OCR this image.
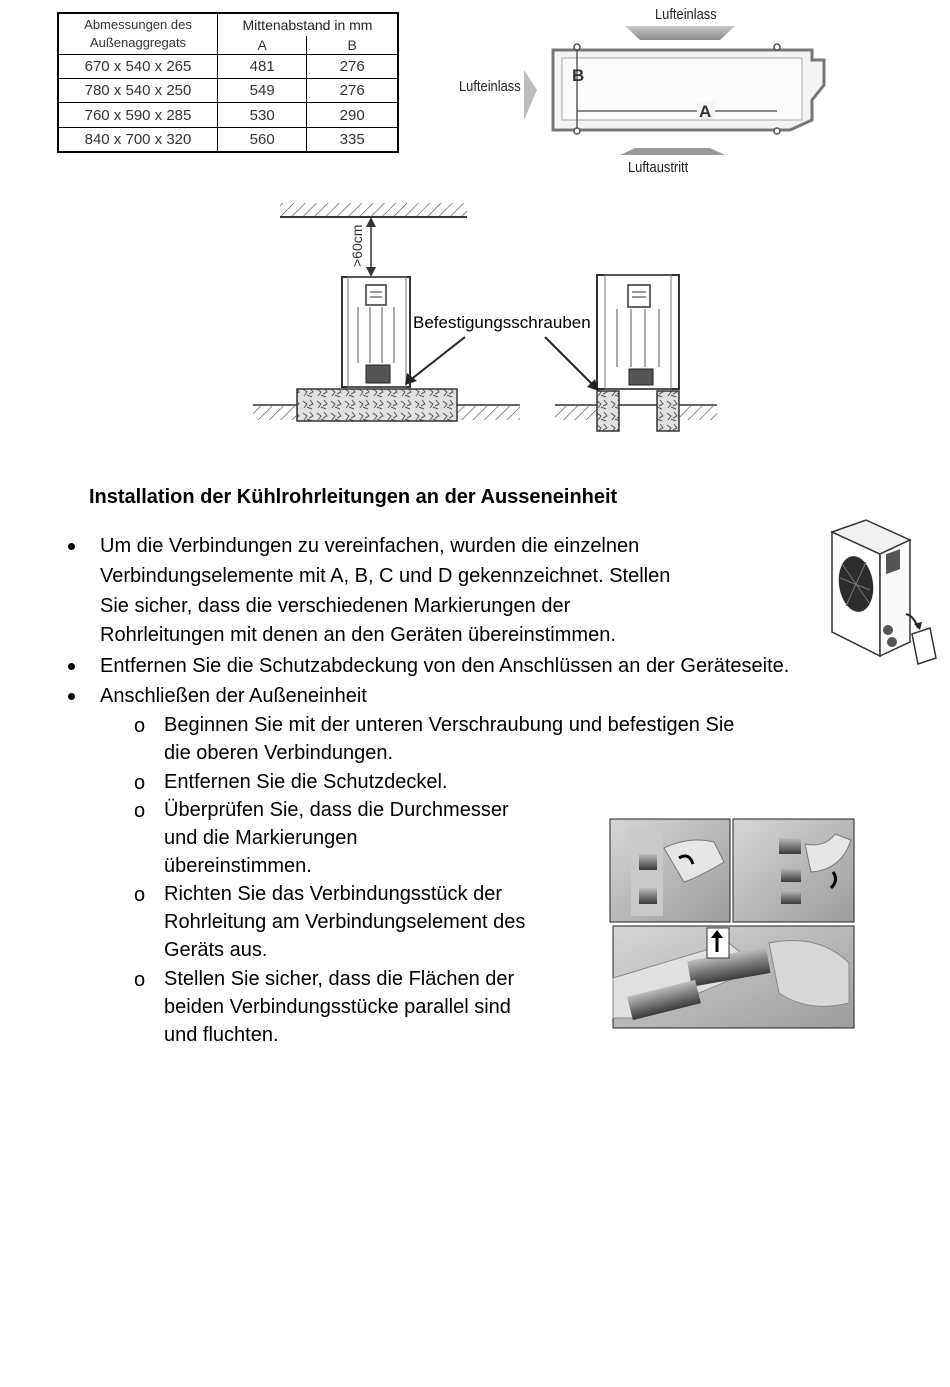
Abmessungen des Außenaggregats	Mittenabstand in mm	
	A	B
670 x 540 x 265	481	276
780 x 540 x 250	549	276
760 x 590 x 285	530	290
840 x 700 x 320	560	335
B
A
Lufteinlass
Lufteinlass
Luftaustritt
>60cm
Befestigungsschrauben
Installation der Kühlrohrleitungen an der Ausseneinheit
Um die Verbindungen zu vereinfachen, wurden die einzelnen
Verbindungselemente mit A, B, C und D gekennzeichnet. Stellen
Sie sicher, dass die verschiedenen Markierungen der
Rohrleitungen mit denen an den Geräten übereinstimmen.
Entfernen Sie die Schutzabdeckung von den Anschlüssen an der Geräteseite.
Anschließen der Außeneinheit
o Beginnen Sie mit der unteren Verschraubung und befestigen Sie
die oberen Verbindungen.
o Entfernen Sie die Schutzdeckel.
o Überprüfen Sie, dass die Durchmesser
und die Markierungen
übereinstimmen.
o Richten Sie das Verbindungsstück der
Rohrleitung am Verbindungselement des
Geräts aus.
o Stellen Sie sicher, dass die Flächen der
beiden Verbindungsstücke parallel sind
und fluchten.
